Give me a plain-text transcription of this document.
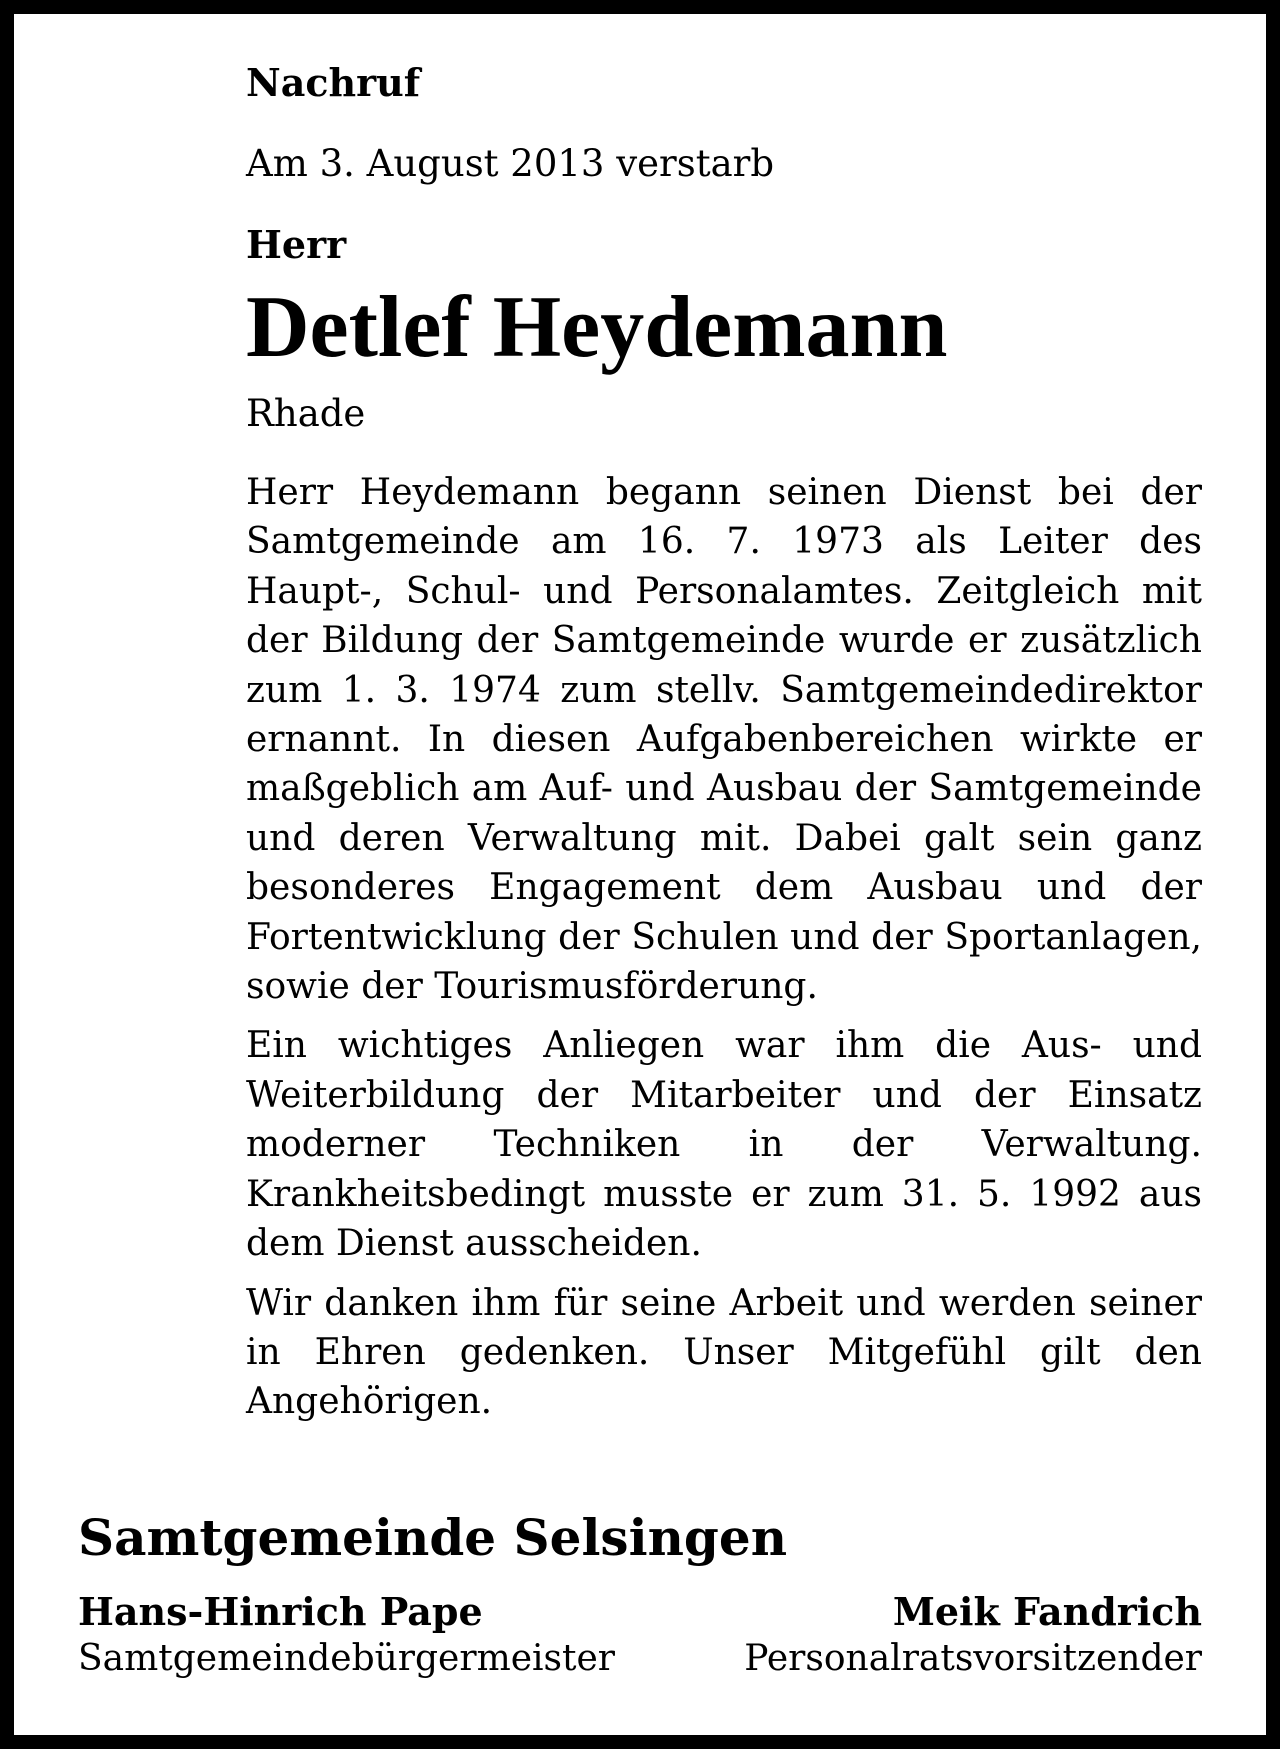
Nachruf

Am 3. August 2013 verstarb

Herr

Detlef Heydemann

Rhade

Herr Heydemann begann seinen Dienst bei der Samtgemeinde am 16. 7. 1973 als Leiter des Haupt-, Schul- und Personalamtes. Zeitgleich mit der Bildung der Samtgemeinde wurde er zusätzlich zum 1. 3. 1974 zum stellv. Samtgemeindedirektor ernannt. In diesen Aufgabenbereichen wirkte er maßgeblich am Auf- und Ausbau der Samtgemeinde und deren Verwaltung mit. Dabei galt sein ganz besonderes Engagement dem Ausbau und der Fortentwicklung der Schulen und der Sportanlagen, sowie der Tourismusförderung.

Ein wichtiges Anliegen war ihm die Aus- und Weiterbildung der Mitarbeiter und der Einsatz moderner Techniken in der Verwaltung. Krankheitsbedingt musste er zum 31. 5. 1992 aus dem Dienst ausscheiden.

Wir danken ihm für seine Arbeit und werden seiner in Ehren gedenken. Unser Mitgefühl gilt den Angehörigen.

Samtgemeinde Selsingen
Hans-Hinrich Pape
Samtgemeindebürgermeister
Meik Fandrich
Personalratsvorsitzender
